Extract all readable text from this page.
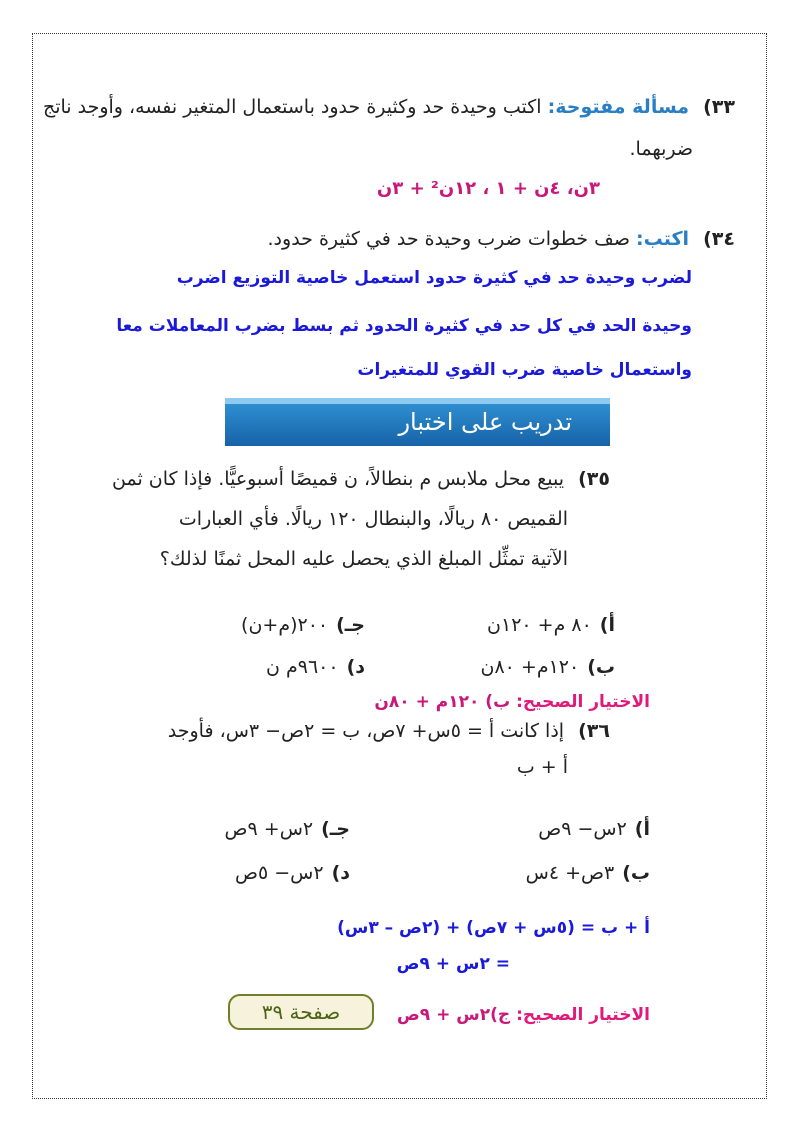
٣٣) مسألة مفتوحة: اكتب وحيدة حد وكثيرة حدود باستعمال المتغير نفسه، وأوجد ناتج
ضربهما.
٣ن، ٤ن + ١ ، ١٢ن² + ٣ن
٣٤) اكتب: صف خطوات ضرب وحيدة حد في كثيرة حدود.
لضرب وحيدة حد في كثيرة حدود استعمل خاصية التوزيع اضرب
وحيدة الحد في كل حد في كثيرة الحدود ثم بسط بضرب المعاملات معا
واستعمال خاصية ضرب القوي للمتغيرات
تدريب على اختبار
٣٥) يبيع محل ملابس م بنطالاً، ن قميصًا أسبوعيًّا. فإذا كان ثمن
القميص ٨٠ ريالًا، والبنطال ١٢٠ ريالًا. فأي العبارات
الآتية تمثِّل المبلغ الذي يحصل عليه المحل ثمنًا لذلك؟
أ)٨٠ م+ ١٢٠ن
جـ)٢٠٠(م+ن)
ب)١٢٠م+ ٨٠ن
د)٩٦٠٠م ن
الاختيار الصحيح: ب) ١٢٠م + ٨٠ن
٣٦) إذا كانت أ = ٥س+ ٧ص، ب = ٢ص− ٣س، فأوجد
أ + ب
أ)٢س− ٩ص
جـ)٢س+ ٩ص
ب)٣ص+ ٤س
د)٢س− ٥ص
أ + ب = (٥س + ٧ص) + (٢ص – ٣س)
= ٢س + ٩ص
صفحة ٣٩	الاختيار الصحيح: ج)٢س + ٩ص
